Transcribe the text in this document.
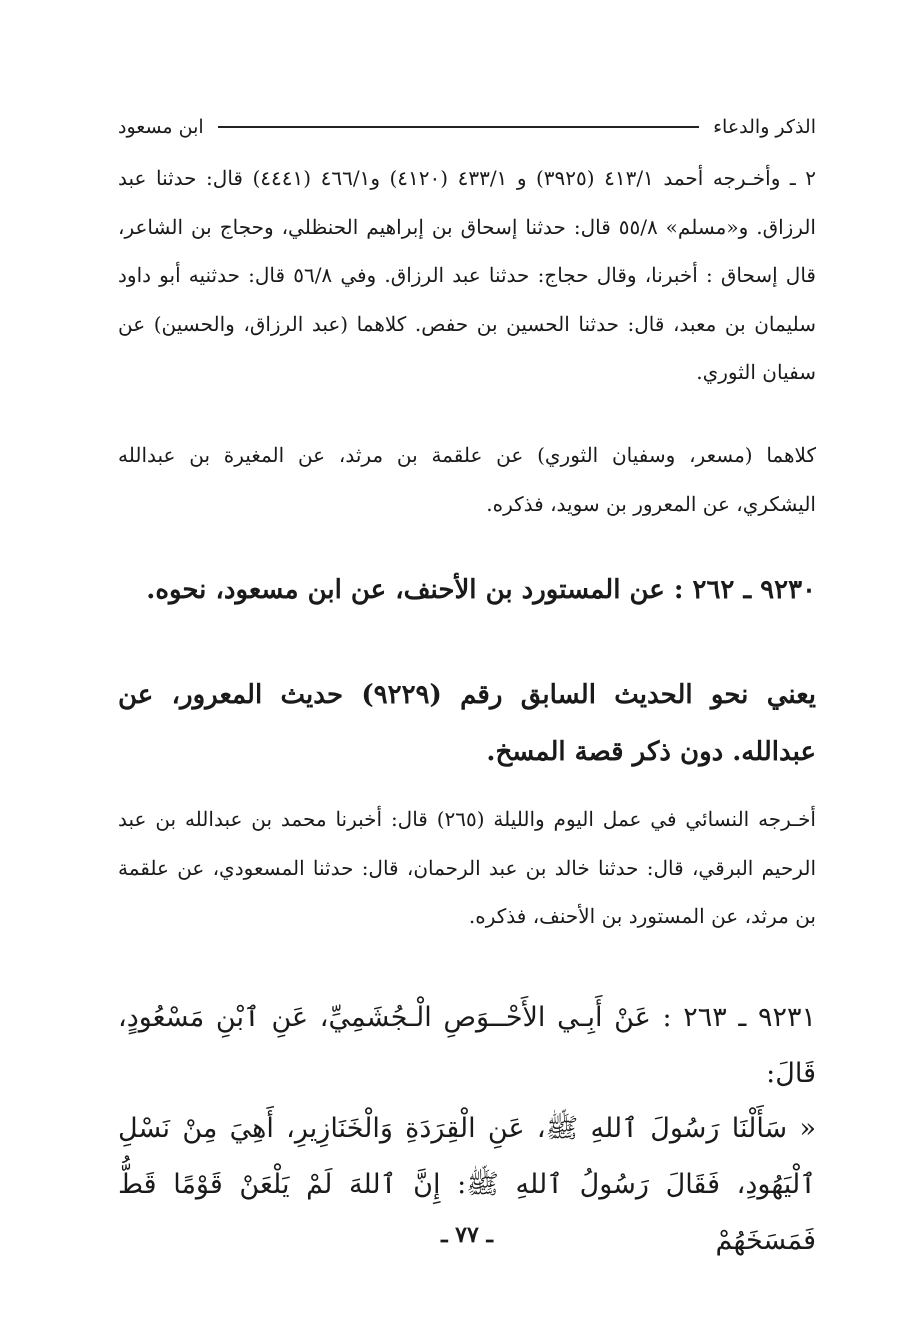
الذكر والدعاء
ابن مسعود

٢ ـ وأخـرجه أحمد ٤١٣/١ (٣٩٢٥) و ٤٣٣/١ (٤١٢٠) و٤٦٦/١ (٤٤٤١) قال: حدثنا عبد الرزاق. و«مسلم» ٥٥/٨ قال: حدثنا إسحاق بن إبراهيم الحنظلي، وحجاج بن الشاعر، قال إسحاق : أخبرنا، وقال حجاج: حدثنا عبد الرزاق. وفي ٥٦/٨ قال: حدثنيه أبو داود سليمان بن معبد، قال: حدثنا الحسين بن حفص. كلاهما (عبد الرزاق، والحسين) عن سفيان الثوري.

كلاهما (مسعر، وسفيان الثوري) عن علقمة بن مرثد، عن المغيرة بن عبدالله اليشكري، عن المعرور بن سويد، فذكره.

٩٢٣٠ ـ ٢٦٢ : عن المستورد بن الأحنف، عن ابن مسعود، نحوه.

يعني نحو الحديث السابق رقم (٩٢٢٩) حديث المعرور، عن عبدالله. دون ذكر قصة المسخ.

أخـرجه النسائي في عمل اليوم والليلة (٢٦٥) قال: أخبرنا محمد بن عبدالله بن عبد الرحيم البرقي، قال: حدثنا خالد بن عبد الرحمان، قال: حدثنا المسعودي، عن علقمة بن مرثد، عن المستورد بن الأحنف، فذكره.

٩٢٣١ ـ ٢٦٣ : عَنْ أَبِـي الأَحْــوَصِ الْـجُشَمِيِّ، عَنِ ٱبْنِ مَسْعُودٍ، قَالَ:

« سَأَلْنَا رَسُولَ ٱللهِ ﷺ، عَنِ الْقِرَدَةِ وَالْخَنَازِيرِ، أَهِيَ مِنْ نَسْلِ ٱلْيَهُودِ، فَقَالَ رَسُولُ ٱللهِ ﷺ: إِنَّ ٱللهَ لَمْ يَلْعَنْ قَوْمًا قَطُّ فَمَسَخَهُمْ

ـ ٧٧ ـ
